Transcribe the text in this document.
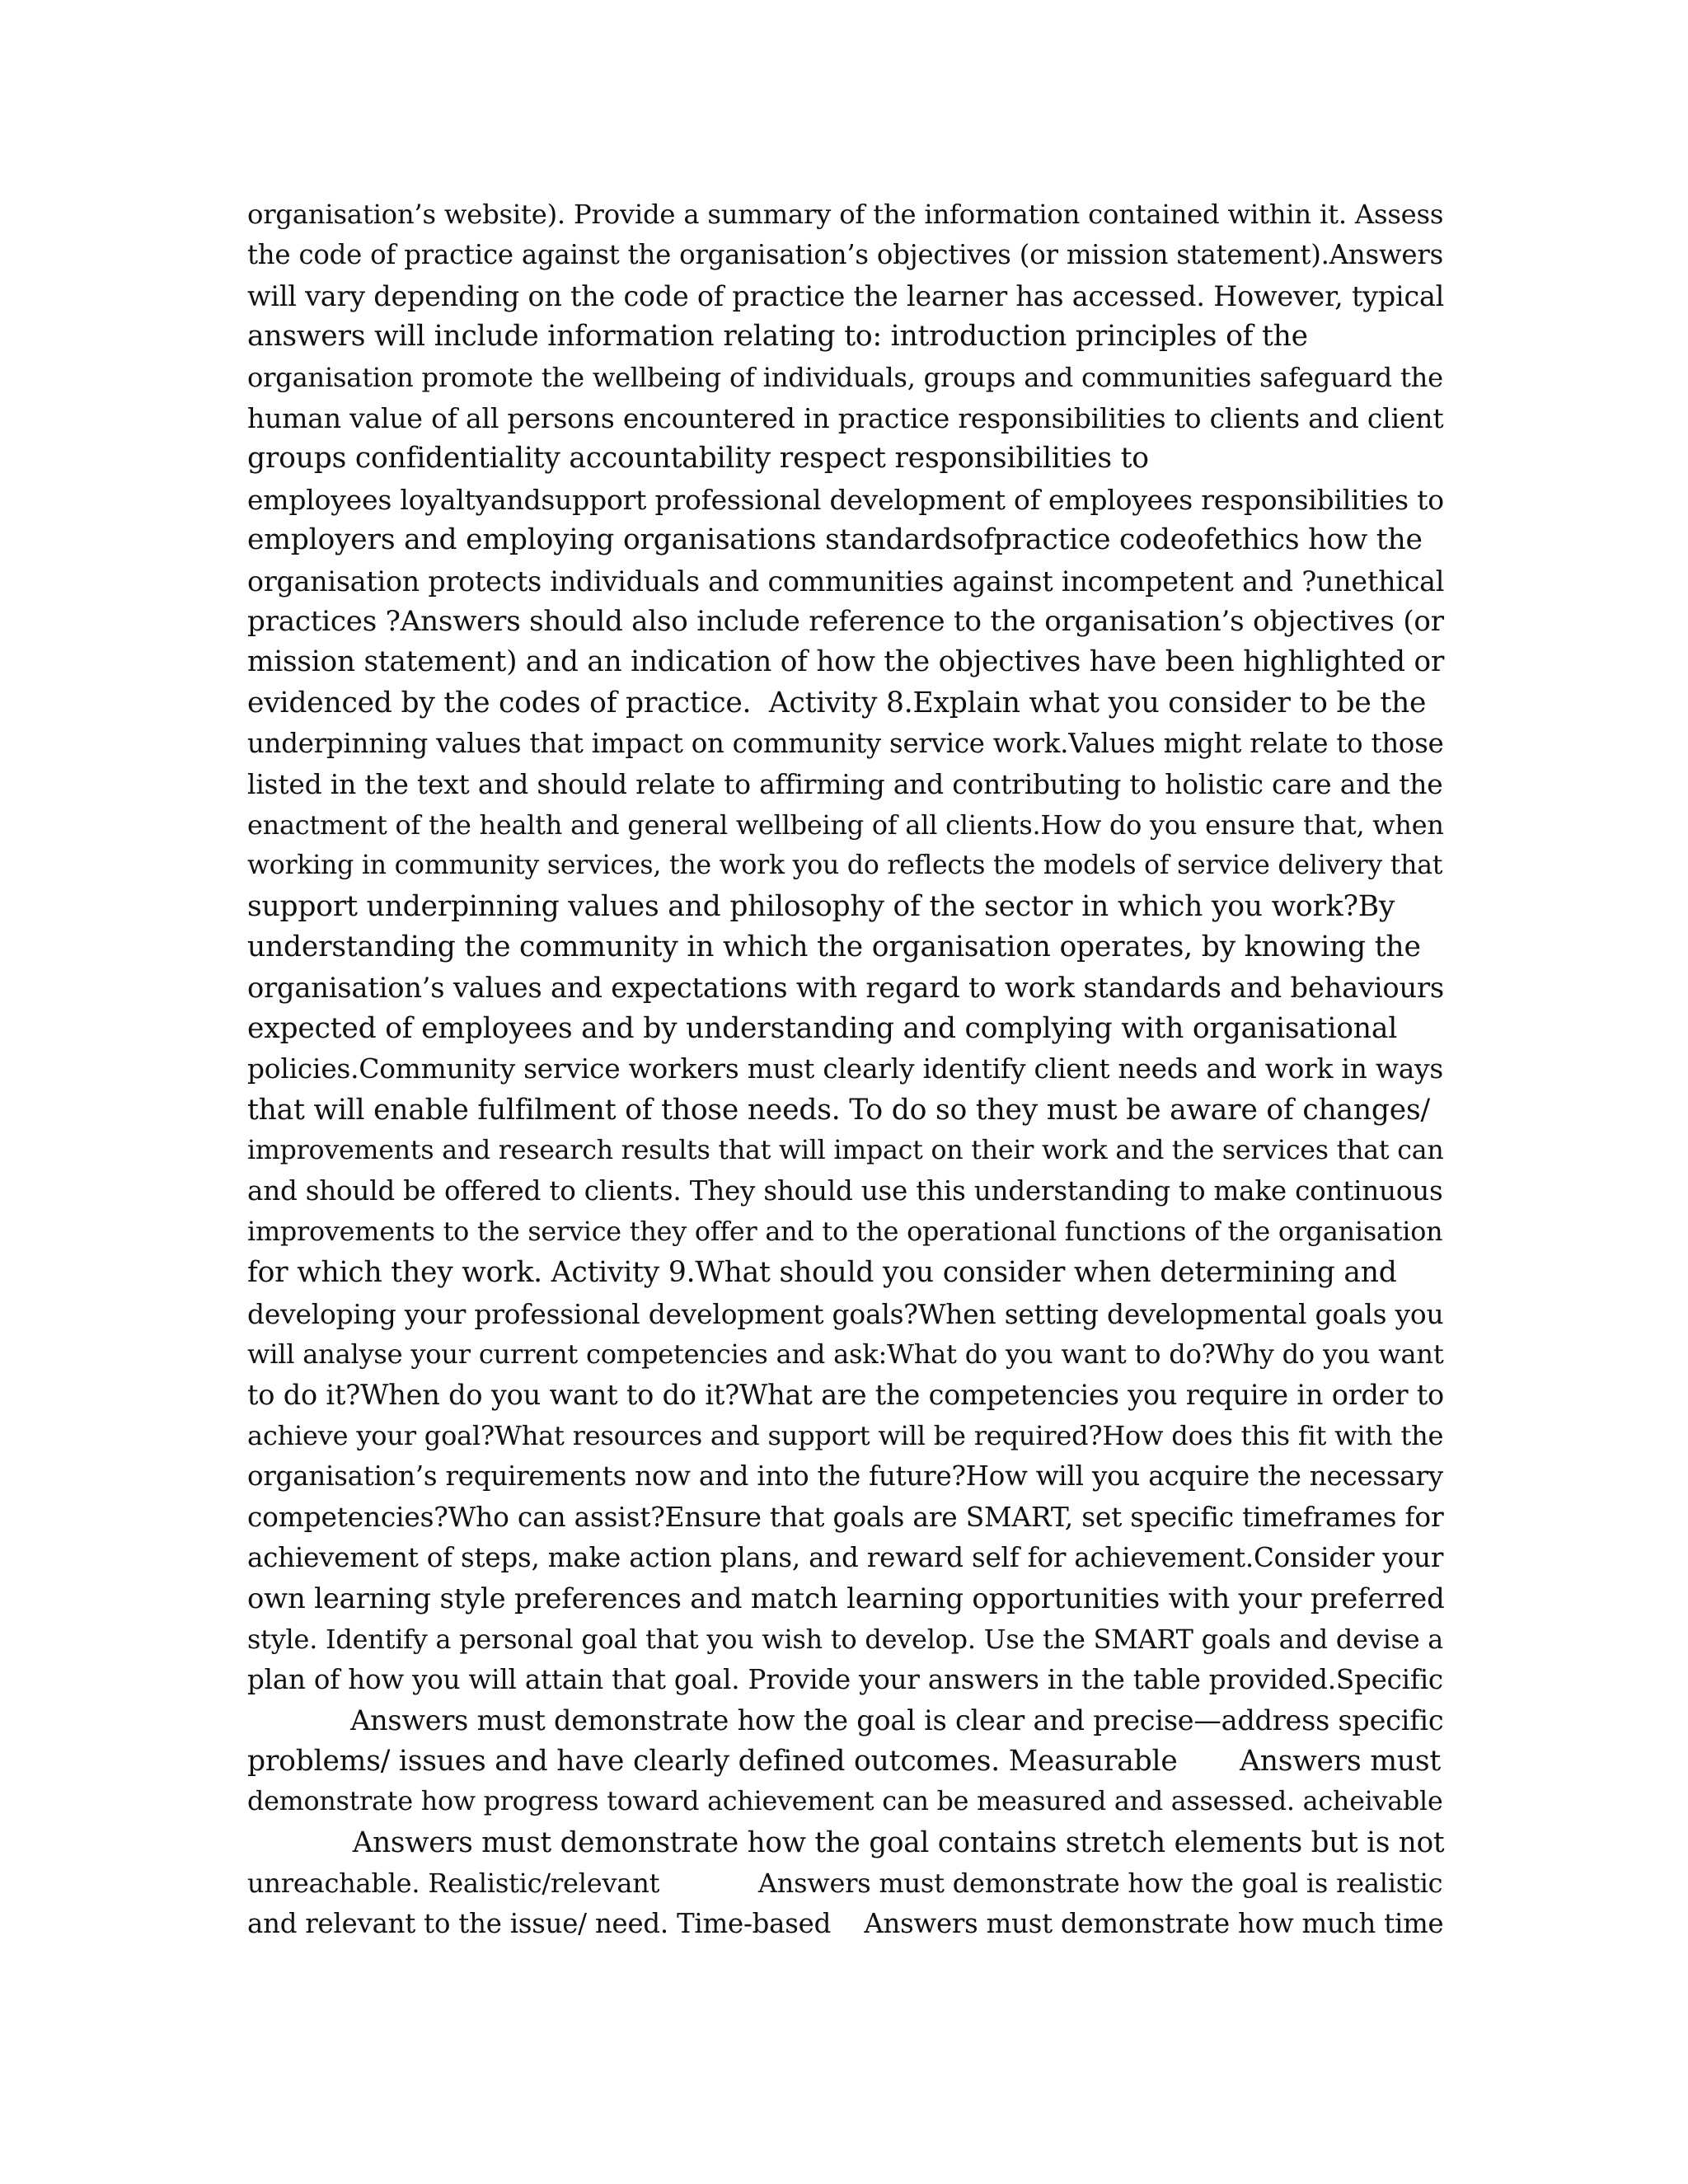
organisation’s website). Provide a summary of the information contained within it. Assess
the code of practice against the organisation’s objectives (or mission statement).Answers
will vary depending on the code of practice the learner has accessed. However, typical
answers will include information relating to: introduction principles of the
organisation promote the wellbeing of individuals, groups and communities safeguard the
human value of all persons encountered in practice responsibilities to clients and client
groups confidentiality accountability respect responsibilities to
employees loyaltyandsupport professional development of employees responsibilities to
employers and employing organisations standardsofpractice codeofethics how the
organisation protects individuals and communities against incompetent and ?unethical
practices ?Answers should also include reference to the organisation’s objectives (or
mission statement) and an indication of how the objectives have been highlighted or
evidenced by the codes of practice.  Activity 8.Explain what you consider to be the
underpinning values that impact on community service work.Values might relate to those
listed in the text and should relate to affirming and contributing to holistic care and the
enactment of the health and general wellbeing of all clients.How do you ensure that, when
working in community services, the work you do reflects the models of service delivery that
support underpinning values and philosophy of the sector in which you work?By
understanding the community in which the organisation operates, by knowing the
organisation’s values and expectations with regard to work standards and behaviours
expected of employees and by understanding and complying with organisational
policies.Community service workers must clearly identify client needs and work in ways
that will enable fulfilment of those needs. To do so they must be aware of changes/
improvements and research results that will impact on their work and the services that can
and should be offered to clients. They should use this understanding to make continuous
improvements to the service they offer and to the operational functions of the organisation
for which they work. Activity 9.What should you consider when determining and
developing your professional development goals?When setting developmental goals you
will analyse your current competencies and ask:What do you want to do?Why do you want
to do it?When do you want to do it?What are the competencies you require in order to
achieve your goal?What resources and support will be required?How does this fit with the
organisation’s requirements now and into the future?How will you acquire the necessary
competencies?Who can assist?Ensure that goals are SMART, set specific timeframes for
achievement of steps, make action plans, and reward self for achievement.Consider your
own learning style preferences and match learning opportunities with your preferred
style. Identify a personal goal that you wish to develop. Use the SMART goals and devise a
plan of how you will attain that goal. Provide your answers in the table provided.Specific
Answers must demonstrate how the goal is clear and precise—address specific
problems/ issues and have clearly defined outcomes. Measurable       Answers must
demonstrate how progress toward achievement can be measured and assessed. acheivable
Answers must demonstrate how the goal contains stretch elements but is not
unreachable. Realistic/relevant            Answers must demonstrate how the goal is realistic
and relevant to the issue/ need. Time-based    Answers must demonstrate how much time
